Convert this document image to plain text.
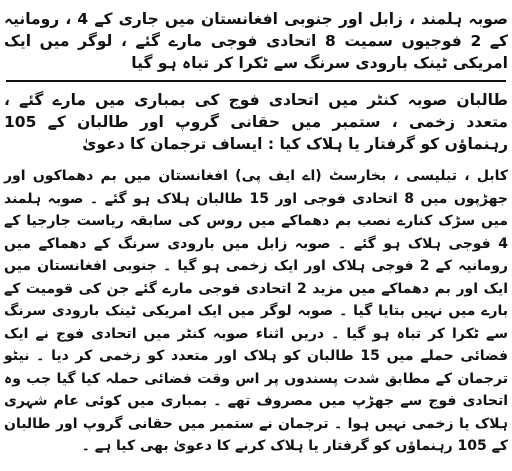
صوبہ ہلمند ، زابل اور جنوبی افغانستان میں جاری کے 4 ، رومانیہ کے 2 فوجیوں سمیت 8 اتحادی فوجی مارے گئے ، لوگر میں ایک امریکی ٹینک بارودی سرنگ سے ٹکرا کر تباہ ہو گیا

طالبان صوبہ کنٹر میں اتحادی فوج کی بمباری میں مارے گئے ، متعدد زخمی ، ستمبر میں حقانی گروپ اور طالبان کے 105 رہنماؤں کو گرفتار یا ہلاک کیا : ایساف ترجمان کا دعویٰ

کابل ، تبلیسی ، بخارسٹ (اے ایف پی) افغانستان میں بم دھماکوں اور جھڑپوں میں 8 اتحادی فوجی اور 15 طالبان ہلاک ہو گئے ۔ صوبہ ہلمند میں سڑک کنارے نصب بم دھماکے میں روس کی سابقہ ریاست جارجیا کے 4 فوجی ہلاک ہو گئے ۔ صوبہ زابل میں بارودی سرنگ کے دھماکے میں رومانیہ کے 2 فوجی ہلاک اور ایک زخمی ہو گیا ۔ جنوبی افغانستان میں ایک اور بم دھماکے میں مزید 2 اتحادی فوجی مارے گئے جن کی قومیت کے بارے میں نہیں بتایا گیا ۔ صوبہ لوگر میں ایک امریکی ٹینک بارودی سرنگ سے ٹکرا کر تباہ ہو گیا ۔ دریں اثناء صوبہ کنٹر میں اتحادی فوج نے ایک فضائی حملے میں 15 طالبان کو ہلاک اور متعدد کو زخمی کر دیا ۔ نیٹو ترجمان کے مطابق شدت پسندوں پر اس وقت فضائی حملہ کیا گیا جب وہ اتحادی فوج سے جھڑپ میں مصروف تھے ۔ بمباری میں کوئی عام شہری ہلاک یا زخمی نہیں ہوا ۔ ترجمان نے ستمبر میں حقانی گروپ اور طالبان کے 105 رہنماؤں کو گرفتار یا ہلاک کرنے کا دعویٰ بھی کیا ہے ۔
